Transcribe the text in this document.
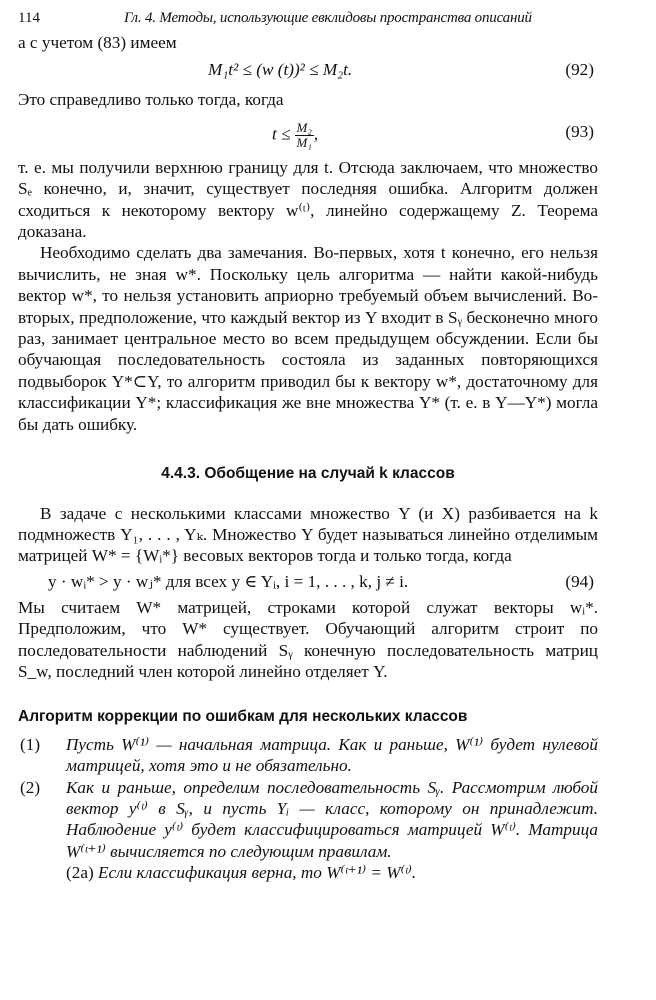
114	Гл. 4. Методы, использующие евклидовы пространства описаний

а с учетом (83) имеем

M₁t² ≤ (w (t))² ≤ M₂t.	(92)

Это справедливо только тогда, когда

$t \le \frac{\text{M₂}}{\text{M₁}}$ ,	(93)

т. е. мы получили верхнюю границу для t. Отсюда заключаем, что множество Sₑ конечно, и, значит, существует последняя ошибка. Алгоритм должен сходиться к некоторому вектору w⁽ᵗ⁾, линейно содержащему Z. Теорема доказана.

Необходимо сделать два замечания. Во-первых, хотя t конечно, его нельзя вычислить, не зная w*. Поскольку цель алгоритма — найти какой-нибудь вектор w*, то нельзя установить априорно требуемый объем вычислений. Во-вторых, предположение, что каждый вектор из Y входит в Sᵧ бесконечно много раз, занимает центральное место во всем предыдущем обсуждении. Если бы обучающая последовательность состояла из заданных повторяющихся подвыборок Y*⊂Y, то алгоритм приводил бы к вектору w*, достаточному для классификации Y*; классификация же вне множества Y* (т. е. в Y—Y*) могла бы дать ошибку.

4.4.3. Обобщение на случай k классов

В задаче с несколькими классами множество Y (и X) разбивается на k подмножеств Y₁, . . . , Yₖ. Множество Y будет называться линейно отделимым матрицей W* = {Wᵢ*} весовых векторов тогда и только тогда, когда

y · wᵢ* > y · wⱼ* для всех y ∈ Yᵢ, i = 1, . . . , k, j ≠ i.	(94)

Мы считаем W* матрицей, строками которой служат векторы wᵢ*. Предположим, что W* существует. Обучающий алгоритм строит по последовательности наблюдений Sᵧ конечную последовательность матриц S_w, последний член которой линейно отделяет Y.

Алгоритм коррекции по ошибкам для нескольких классов

(1) Пусть W⁽¹⁾ — начальная матрица. Как и раньше, W⁽¹⁾ будет нулевой матрицей, хотя это и не обязательно.

(2) Как и раньше, определим последовательность Sᵧ. Рассмотрим любой вектор y⁽ᵗ⁾ в Sᵧ, и пусть Yᵢ — класс, которому он принадлежит. Наблюдение y⁽ᵗ⁾ будет классифицироваться матрицей W⁽ᵗ⁾. Матрица W⁽ᵗ⁺¹⁾ вычисляется по следующим правилам.
(2a) Если классификация верна, то W⁽ᵗ⁺¹⁾ = W⁽ᵗ⁾.
